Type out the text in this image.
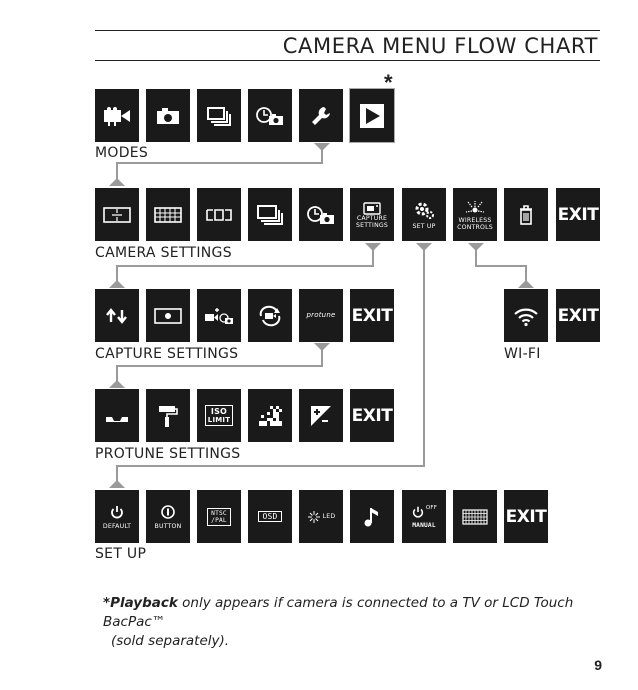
CAMERA MENU FLOW CHART
*
MODES
CAPTURE
SETTINGS	SET UP
WIRELESS
CONTROLS
EXIT
CAMERA SETTINGS
protune EXIT	EXIT
CAPTURE SETTINGS	WI-FI
ISO
LIMIT	EXIT
PROTUNE SETTINGS
DEFAULT	BUTTON
NTSC
/PAL	OSD	LED
OFF
MANUAL	EXIT
SET UP
*Playback only appears if camera is connected to a TV or LCD Touch BacPac™
(sold separately).
9
